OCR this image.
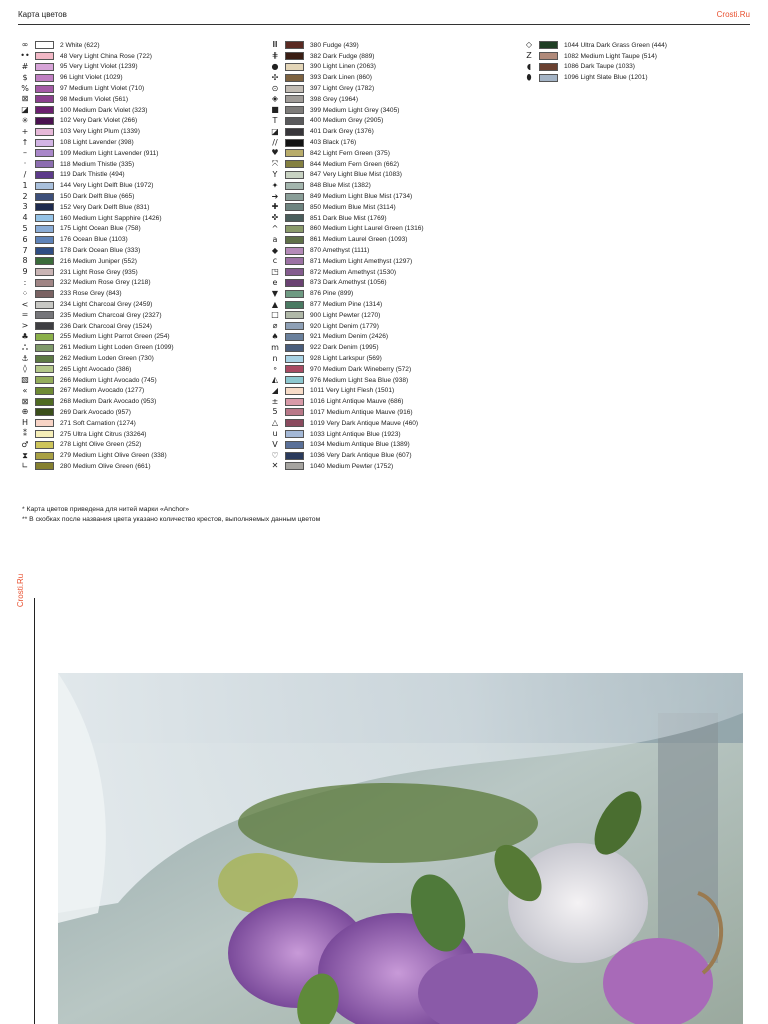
Карта цветов	Crosti.Ru
∞	2 White (622)
••	48 Very Light China Rose (722)
#	95 Very Light Violet (1239)
$	96 Light Violet (1029)
%	97 Medium Light Violet (710)
⊠	98 Medium Violet (561)
◪	100 Medium Dark Violet (323)
✳	102 Very Dark Violet (266)
+	103 Very Light Plum (1339)
↑	108 Light Lavender (398)
–	109 Medium Light Lavender (911)
·	118 Medium Thistle (335)
/	119 Dark Thistle (494)
1	144 Very Light Delft Blue (1972)
2	150 Dark Delft Blue (665)
3	152 Very Dark Delft Blue (831)
4	160 Medium Light Sapphire (1426)
5	175 Light Ocean Blue (758)
6	176 Ocean Blue (1103)
7	178 Dark Ocean Blue (333)
8	216 Medium Juniper (552)
9	231 Light Rose Grey (935)
:	232 Medium Rose Grey (1218)
⁘	233 Rose Grey (843)
<	234 Light Charcoal Grey (2459)
=	235 Medium Charcoal Grey (2327)
>	236 Dark Charcoal Grey (1524)
♣	255 Medium Light Parrot Green (254)
ஃ	261 Medium Light Loden Green (1099)
⚓	262 Medium Loden Green (730)
◊	265 Light Avocado (386)
▧	266 Medium Light Avocado (745)
«	267 Medium Avocado (1277)
⊠	268 Medium Dark Avocado (953)
⊕	269 Dark Avocado (957)
H	271 Soft Carnation (1274)
⁑	275 Ultra Light Citrus (33264)
♂	278 Light Olive Green (252)
⧗	279 Medium Light Olive Green (338)
∟	280 Medium Olive Green (661)
Ⅲ	380 Fudge (439)
⋕	382 Dark Fudge (889)
●	390 Light Linen (2063)
✣	393 Dark Linen (860)
⊙	397 Light Grey (1782)
◈	398 Grey (1964)
■	399 Medium Light Grey (3405)
T	400 Medium Grey (2905)
◪	401 Dark Grey (1376)
//	403 Black (176)
♥	842 Light Fern Green (375)
⤧	844 Medium Fern Green (662)
Y	847 Very Light Blue Mist (1083)
✦	848 Blue Mist (1382)
➔	849 Medium Light Blue Mist (1734)
✚	850 Medium Blue Mist (3114)
✜	851 Dark Blue Mist (1769)
^	860 Medium Light Laurel Green (1316)
a	861 Medium Laurel Green (1093)
◆	870 Amethyst (1111)
c	871 Medium Light Amethyst (1297)
◳	872 Medium Amethyst (1530)
e	873 Dark Amethyst (1056)
▼	876 Pine (899)
▲	877 Medium Pine (1314)
□	900 Light Pewter (1270)
⌀	920 Light Denim (1779)
♠	921 Medium Denim (2426)
m	922 Dark Denim (1995)
n	928 Light Larkspur (569)
∘	970 Medium Dark Wineberry (572)
◭	976 Medium Light Sea Blue (938)
◢	1011 Very Light Flesh (1501)
±	1016 Light Antique Mauve (686)
5	1017 Medium Antique Mauve (916)
△	1019 Very Dark Antique Mauve (460)
u	1033 Light Antique Blue (1923)
V	1034 Medium Antique Blue (1389)
♡	1036 Very Dark Antique Blue (607)
✕	1040 Medium Pewter (1752)
◇	1044 Ultra Dark Grass Green (444)
Z	1082 Medium Light Taupe (514)
◖	1086 Dark Taupe (1033)
⬮	1096 Light Slate Blue (1201)
* Карта цветов приведена для нитей марки «Anchor»
** В скобках после названия цвета указано количество крестов, выполняемых данным цветом
Crosti.Ru
